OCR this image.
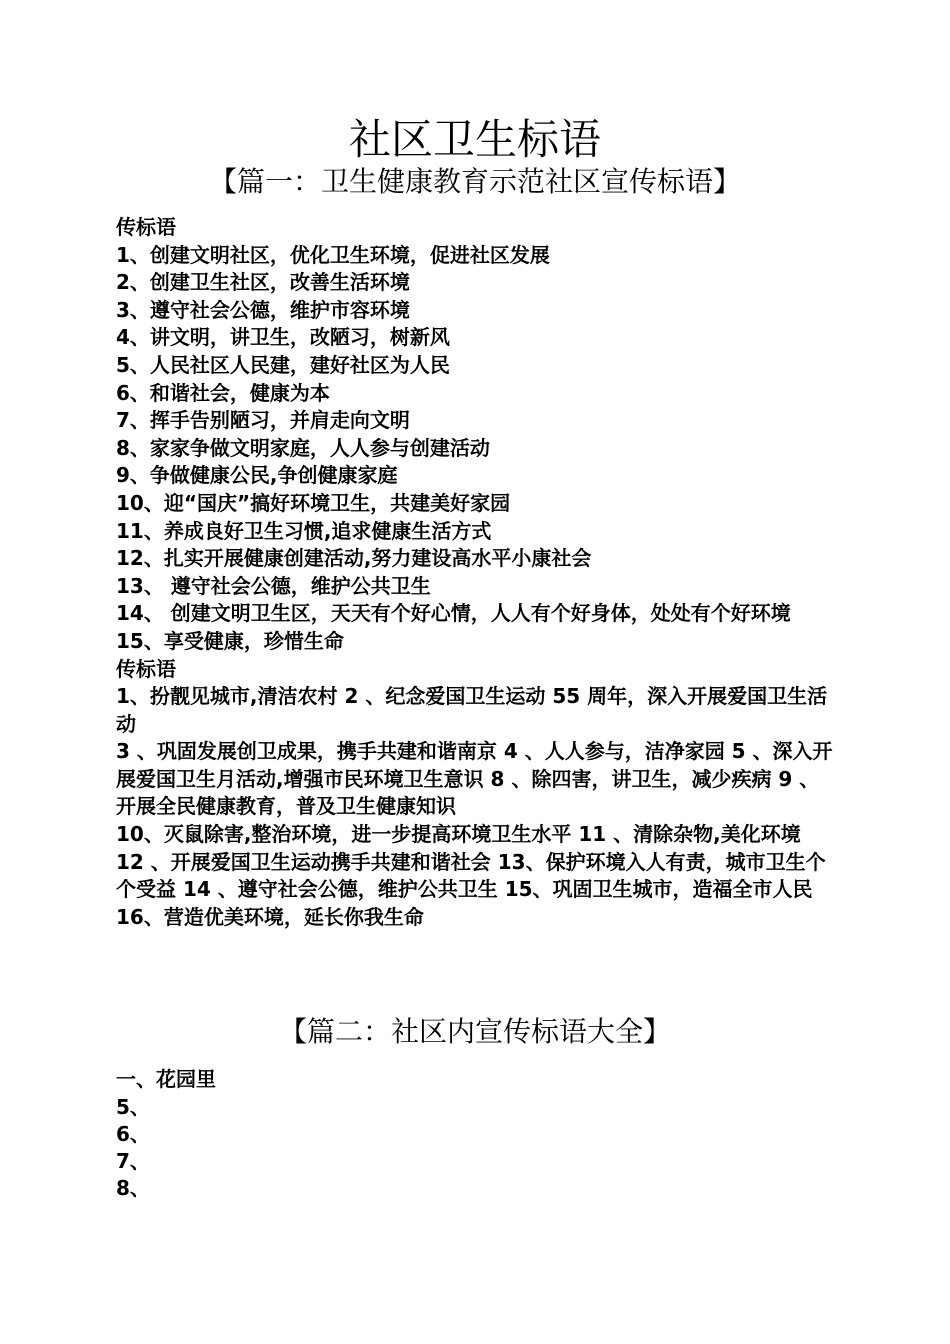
社区卫生标语
【篇一：卫生健康教育示范社区宣传标语】

传标语

1、创建文明社区，优化卫生环境，促进社区发展

2、创建卫生社区，改善生活环境

3、遵守社会公德，维护市容环境

4、讲文明，讲卫生，改陋习，树新风

5、人民社区人民建，建好社区为人民

6、和谐社会，健康为本

7、挥手告别陋习，并肩走向文明

8、家家争做文明家庭，人人参与创建活动

9、争做健康公民,争创健康家庭

10、迎“国庆”搞好环境卫生，共建美好家园

11、养成良好卫生习惯,追求健康生活方式

12、扎实开展健康创建活动,努力建设高水平小康社会

13、 遵守社会公德，维护公共卫生

14、 创建文明卫生区，天天有个好心情，人人有个好身体，处处有个好环境

15、享受健康，珍惜生命

传标语

1、扮靓见城市,清洁农村 2 、纪念爱国卫生运动 55 周年，深入开展爱国卫生活动

3 、巩固发展创卫成果，携手共建和谐南京 4 、人人参与，洁净家园 5 、深入开展爱国卫生月活动,增强市民环境卫生意识 8 、除四害，讲卫生，减少疾病 9 、开展全民健康教育，普及卫生健康知识

10、灭鼠除害,整治环境，进一步提高环境卫生水平 11 、清除杂物,美化环境

12 、开展爱国卫生运动携手共建和谐社会 13、保护环境入人有责，城市卫生个个受益 14 、遵守社会公德，维护公共卫生 15、巩固卫生城市，造福全市人民

16、营造优美环境，延长你我生命

【篇二：社区内宣传标语大全】

一、花园里

5、

6、

7、

8、
